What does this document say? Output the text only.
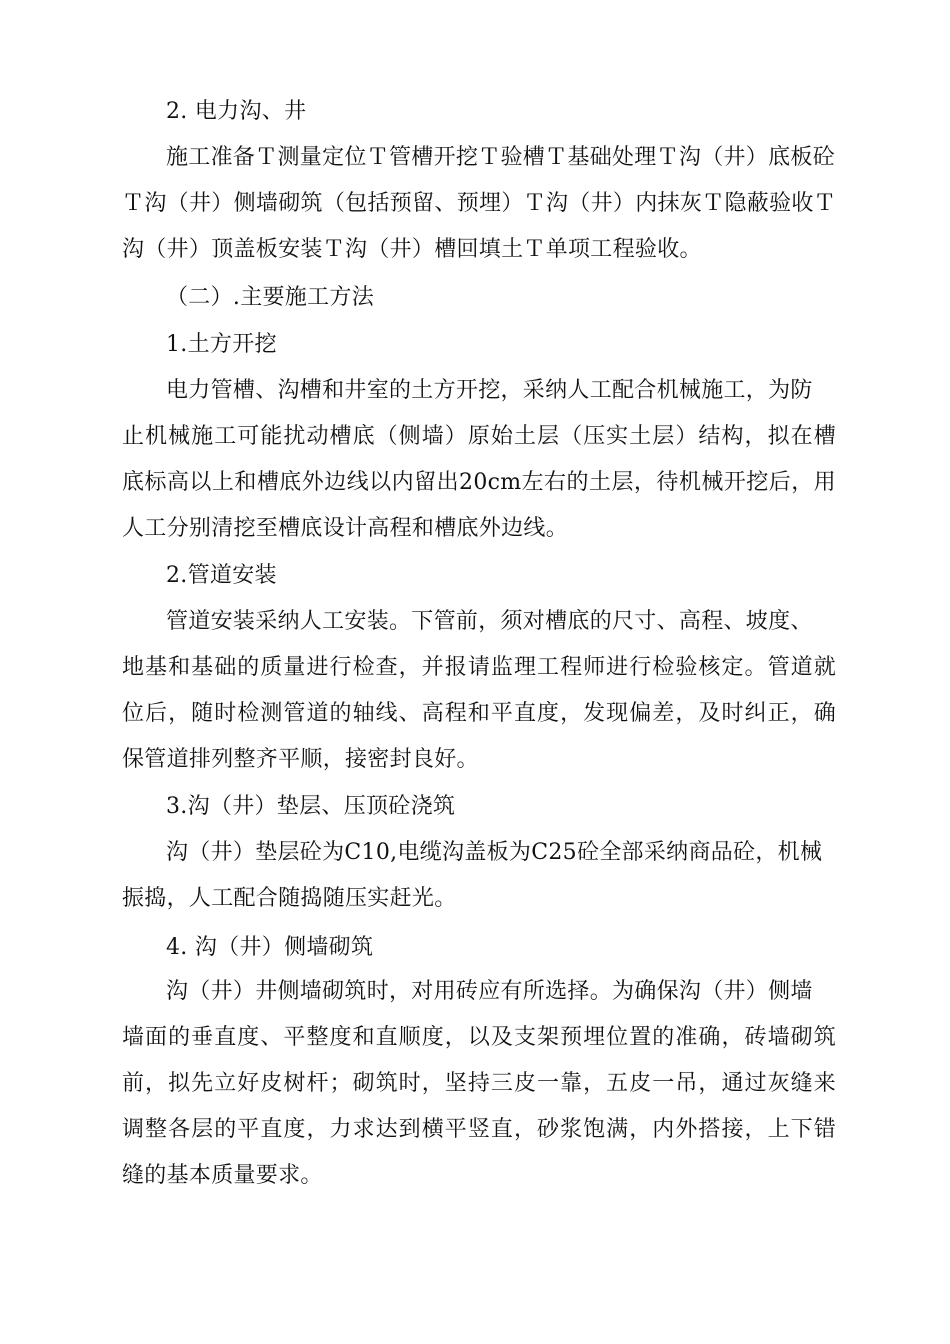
2. 电力沟、井
施工准备Ｔ测量定位Ｔ管槽开挖Ｔ验槽Ｔ基础处理Ｔ沟（井）底板砼
Ｔ沟（井）侧墙砌筑（包括预留、预埋）Ｔ沟（井）内抹灰Ｔ隐蔽验收Ｔ
沟（井）顶盖板安装Ｔ沟（井）槽回填土Ｔ单项工程验收。
（二）.主要施工方法
1.土方开挖
电力管槽、沟槽和井室的土方开挖，采纳人工配合机械施工，为防
止机械施工可能扰动槽底（侧墙）原始土层（压实土层）结构，拟在槽
底标高以上和槽底外边线以内留出20cm左右的土层，待机械开挖后，用
人工分别清挖至槽底设计高程和槽底外边线。
2.管道安装
管道安装采纳人工安装。下管前，须对槽底的尺寸、高程、坡度、
地基和基础的质量进行检查，并报请监理工程师进行检验核定。管道就
位后，随时检测管道的轴线、高程和平直度，发现偏差，及时纠正，确
保管道排列整齐平顺，接密封良好。
3.沟（井）垫层、压顶砼浇筑
沟（井）垫层砼为C10,电缆沟盖板为C25砼全部采纳商品砼，机械
振捣，人工配合随捣随压实赶光。
4. 沟（井）侧墙砌筑
沟（井）井侧墙砌筑时，对用砖应有所选择。为确保沟（井）侧墙
墙面的垂直度、平整度和直顺度，以及支架预埋位置的准确，砖墙砌筑
前，拟先立好皮树杆；砌筑时，坚持三皮一靠，五皮一吊，通过灰缝来
调整各层的平直度，力求达到横平竖直，砂浆饱满，内外搭接，上下错
缝的基本质量要求。
